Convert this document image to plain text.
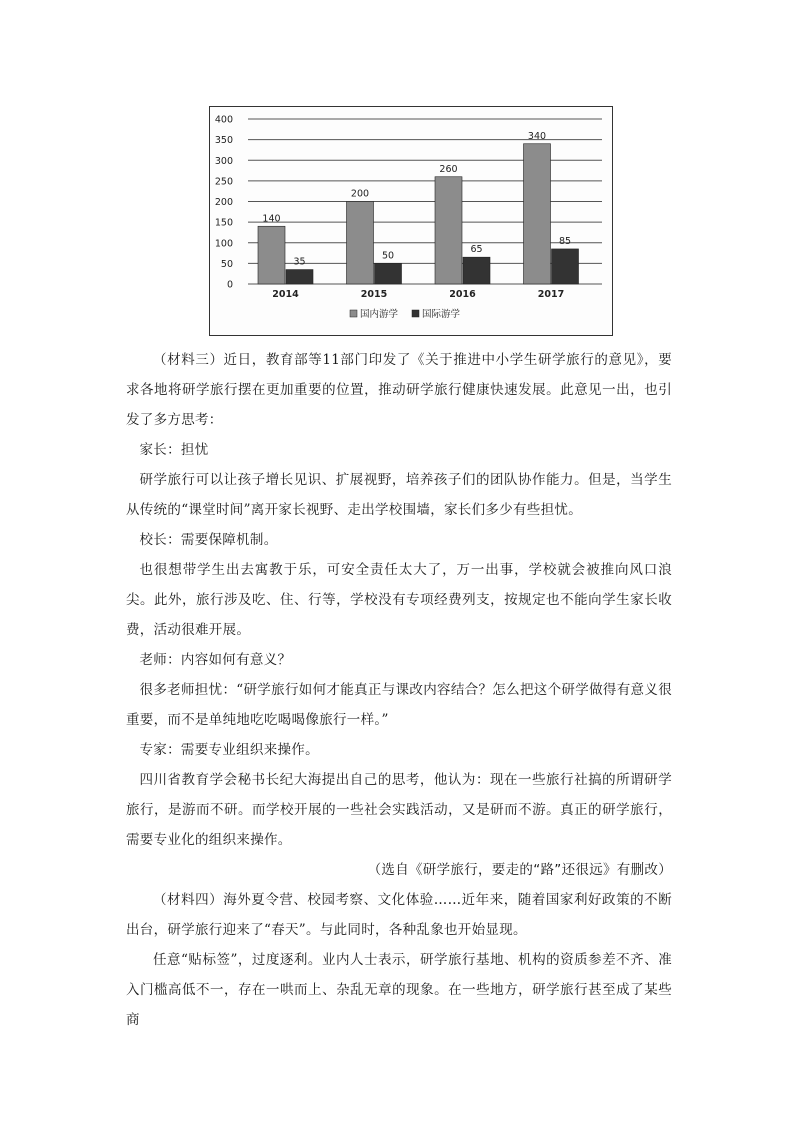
0
50
100
150
200
250
300
350
400
140
35
2014
200
50
2015
260
65
2016
340
85
2017
国内游学	国际游学

（材料三）近日，教育部等11部门印发了《关于推进中小学生研学旅行的意见》，要求各地将研学旅行摆在更加重要的位置，推动研学旅行健康快速发展。此意见一出，也引发了多方思考：

家长：担忧

研学旅行可以让孩子增长见识、扩展视野，培养孩子们的团队协作能力。但是，当学生从传统的“课堂时间”离开家长视野、走出学校围墙，家长们多少有些担忧。

校长：需要保障机制。

也很想带学生出去寓教于乐，可安全责任太大了，万一出事，学校就会被推向风口浪尖。此外，旅行涉及吃、住、行等，学校没有专项经费列支，按规定也不能向学生家长收费，活动很难开展。

老师：内容如何有意义？

很多老师担忧：“研学旅行如何才能真正与课改内容结合？怎么把这个研学做得有意义很重要，而不是单纯地吃吃喝喝像旅行一样。”

专家：需要专业组织来操作。

四川省教育学会秘书长纪大海提出自己的思考，他认为：现在一些旅行社搞的所谓研学旅行，是游而不研。而学校开展的一些社会实践活动，又是研而不游。真正的研学旅行，需要专业化的组织来操作。

（选自《研学旅行，要走的“路”还很远》有删改）

（材料四）海外夏令营、校园考察、文化体验……近年来，随着国家利好政策的不断出台，研学旅行迎来了“春天”。与此同时，各种乱象也开始显现。

任意“贴标签”，过度逐利。业内人士表示，研学旅行基地、机构的资质参差不齐、准入门槛高低不一，存在一哄而上、杂乱无章的现象。在一些地方，研学旅行甚至成了某些商
